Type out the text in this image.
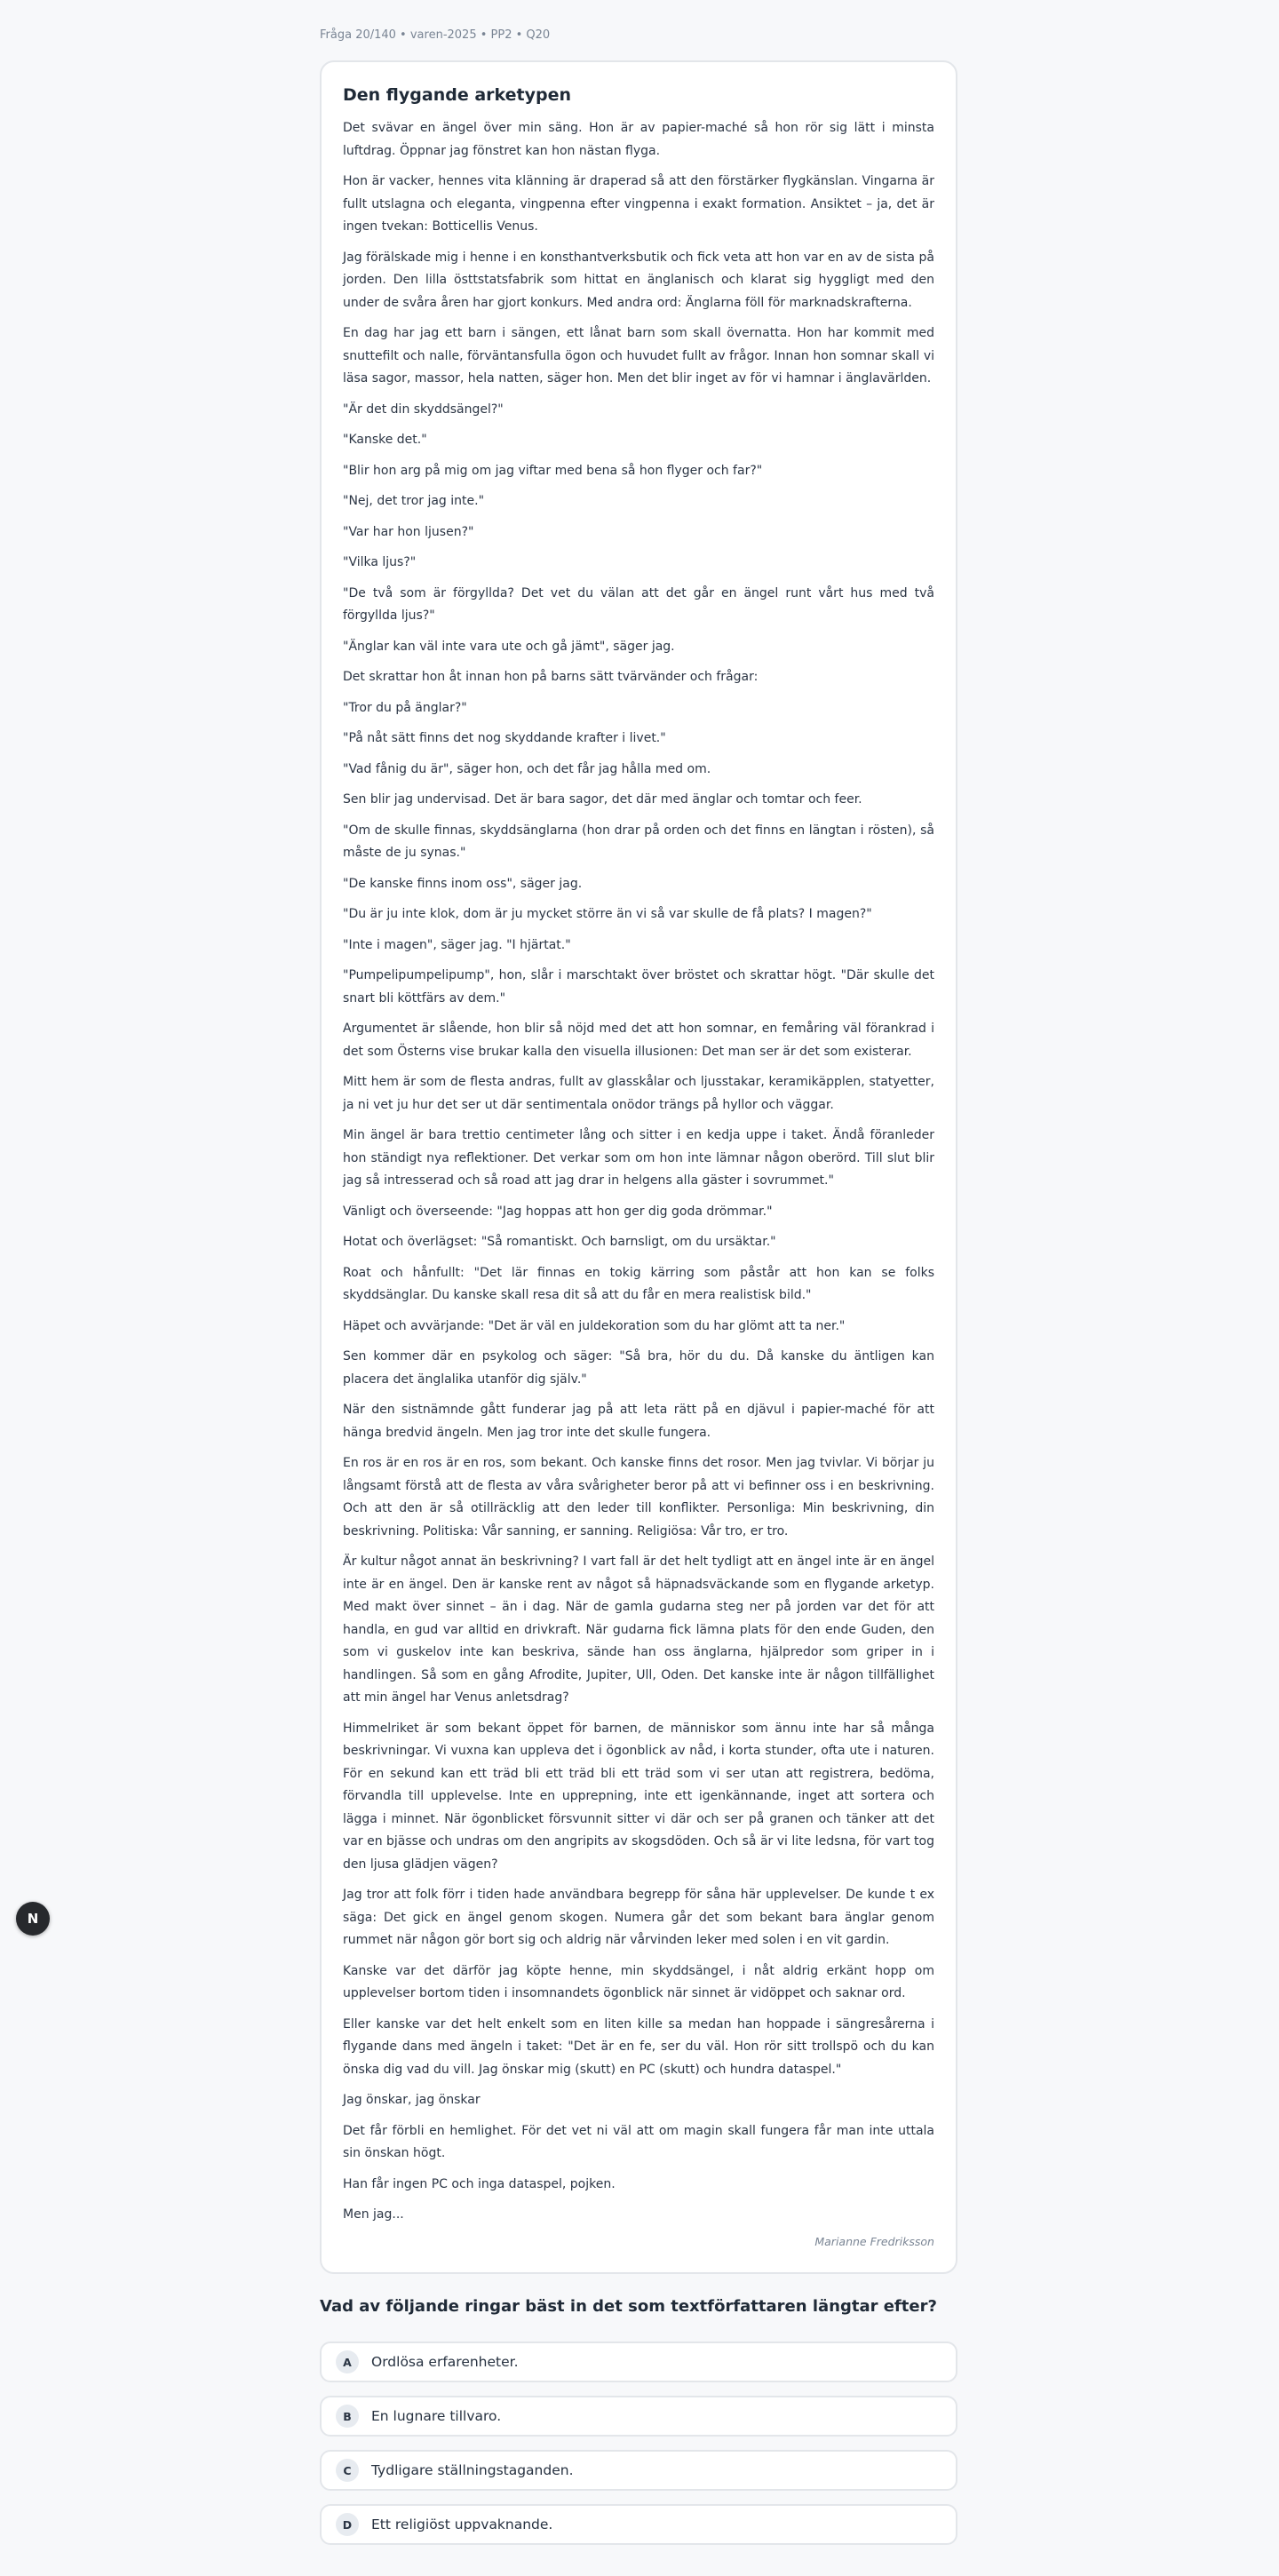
Fråga 20/140 • varen-2025 • PP2 • Q20
Den flygande arketypen

Det svävar en ängel över min säng. Hon är av papier-maché så hon rör sig lätt i minsta luftdrag. Öppnar jag fönstret kan hon nästan flyga.

Hon är vacker, hennes vita klänning är draperad så att den förstärker flygkänslan. Vingarna är fullt utslagna och eleganta, vingpenna efter vingpenna i exakt formation. Ansiktet – ja, det är ingen tvekan: Botticellis Venus.

Jag förälskade mig i henne i en konsthantverksbutik och fick veta att hon var en av de sista på jorden. Den lilla östtstatsfabrik som hittat en änglanisch och klarat sig hyggligt med den under de svåra åren har gjort konkurs. Med andra ord: Änglarna föll för marknadskrafterna.

En dag har jag ett barn i sängen, ett lånat barn som skall övernatta. Hon har kommit med snuttefilt och nalle, förväntansfulla ögon och huvudet fullt av frågor. Innan hon somnar skall vi läsa sagor, massor, hela natten, säger hon. Men det blir inget av för vi hamnar i änglavärlden.

"Är det din skyddsängel?"

"Kanske det."

"Blir hon arg på mig om jag viftar med bena så hon flyger och far?"

"Nej, det tror jag inte."

"Var har hon ljusen?"

"Vilka ljus?"

"De två som är förgyllda? Det vet du välan att det går en ängel runt vårt hus med två förgyllda ljus?"

"Änglar kan väl inte vara ute och gå jämt", säger jag.

Det skrattar hon åt innan hon på barns sätt tvärvänder och frågar:

"Tror du på änglar?"

"På nåt sätt finns det nog skyddande krafter i livet."

"Vad fånig du är", säger hon, och det får jag hålla med om.

Sen blir jag undervisad. Det är bara sagor, det där med änglar och tomtar och feer.

"Om de skulle finnas, skyddsänglarna (hon drar på orden och det finns en längtan i rösten), så måste de ju synas."

"De kanske finns inom oss", säger jag.

"Du är ju inte klok, dom är ju mycket större än vi så var skulle de få plats? I magen?"

"Inte i magen", säger jag. "I hjärtat."

"Pumpelipumpelipump", hon, slår i marschtakt över bröstet och skrattar högt. "Där skulle det snart bli köttfärs av dem."

Argumentet är slående, hon blir så nöjd med det att hon somnar, en femåring väl förankrad i det som Österns vise brukar kalla den visuella illusionen: Det man ser är det som existerar.

Mitt hem är som de flesta andras, fullt av glasskålar och ljusstakar, keramikäpplen, statyetter, ja ni vet ju hur det ser ut där sentimentala onödor trängs på hyllor och väggar.

Min ängel är bara trettio centimeter lång och sitter i en kedja uppe i taket. Ändå föranleder hon ständigt nya reflektioner. Det verkar som om hon inte lämnar någon oberörd. Till slut blir jag så intresserad och så road att jag drar in helgens alla gäster i sovrummet."

Vänligt och överseende: "Jag hoppas att hon ger dig goda drömmar."

Hotat och överlägset: "Så romantiskt. Och barnsligt, om du ursäktar."

Roat och hånfullt: "Det lär finnas en tokig kärring som påstår att hon kan se folks skyddsänglar. Du kanske skall resa dit så att du får en mera realistisk bild."

Häpet och avvärjande: "Det är väl en juldekoration som du har glömt att ta ner."

Sen kommer där en psykolog och säger: "Så bra, hör du du. Då kanske du äntligen kan placera det änglalika utanför dig själv."

När den sistnämnde gått funderar jag på att leta rätt på en djävul i papier-maché för att hänga bredvid ängeln. Men jag tror inte det skulle fungera.

En ros är en ros är en ros, som bekant. Och kanske finns det rosor. Men jag tvivlar. Vi börjar ju långsamt förstå att de flesta av våra svårigheter beror på att vi befinner oss i en beskrivning. Och att den är så otillräcklig att den leder till konflikter. Personliga: Min beskrivning, din beskrivning. Politiska: Vår sanning, er sanning. Religiösa: Vår tro, er tro.

Är kultur något annat än beskrivning? I vart fall är det helt tydligt att en ängel inte är en ängel inte är en ängel. Den är kanske rent av något så häpnadsväckande som en flygande arketyp. Med makt över sinnet – än i dag. När de gamla gudarna steg ner på jorden var det för att handla, en gud var alltid en drivkraft. När gudarna fick lämna plats för den ende Guden, den som vi guskelov inte kan beskriva, sände han oss änglarna, hjälpredor som griper in i handlingen. Så som en gång Afrodite, Jupiter, Ull, Oden. Det kanske inte är någon tillfällighet att min ängel har Venus anletsdrag?

Himmelriket är som bekant öppet för barnen, de människor som ännu inte har så många beskrivningar. Vi vuxna kan uppleva det i ögonblick av nåd, i korta stunder, ofta ute i naturen. För en sekund kan ett träd bli ett träd bli ett träd som vi ser utan att registrera, bedöma, förvandla till upplevelse. Inte en upprepning, inte ett igenkännande, inget att sortera och lägga i minnet. När ögonblicket försvunnit sitter vi där och ser på granen och tänker att det var en bjässe och undras om den angripits av skogsdöden. Och så är vi lite ledsna, för vart tog den ljusa glädjen vägen?

Jag tror att folk förr i tiden hade användbara begrepp för såna här upplevelser. De kunde t ex säga: Det gick en ängel genom skogen. Numera går det som bekant bara änglar genom rummet när någon gör bort sig och aldrig när vårvinden leker med solen i en vit gardin.

Kanske var det därför jag köpte henne, min skyddsängel, i nåt aldrig erkänt hopp om upplevelser bortom tiden i insomnandets ögonblick när sinnet är vidöppet och saknar ord.

Eller kanske var det helt enkelt som en liten kille sa medan han hoppade i sängresårerna i flygande dans med ängeln i taket: "Det är en fe, ser du väl. Hon rör sitt trollspö och du kan önska dig vad du vill. Jag önskar mig (skutt) en PC (skutt) och hundra dataspel."

Jag önskar, jag önskar

Det får förbli en hemlighet. För det vet ni väl att om magin skall fungera får man inte uttala sin önskan högt.

Han får ingen PC och inga dataspel, pojken.

Men jag...

Marianne Fredriksson
Vad av följande ringar bäst in det som textförfattaren längtar efter?
A	Ordlösa erfarenheter.
B	En lugnare tillvaro.
C	Tydligare ställningstaganden.
D	Ett religiöst uppvaknande.
N
